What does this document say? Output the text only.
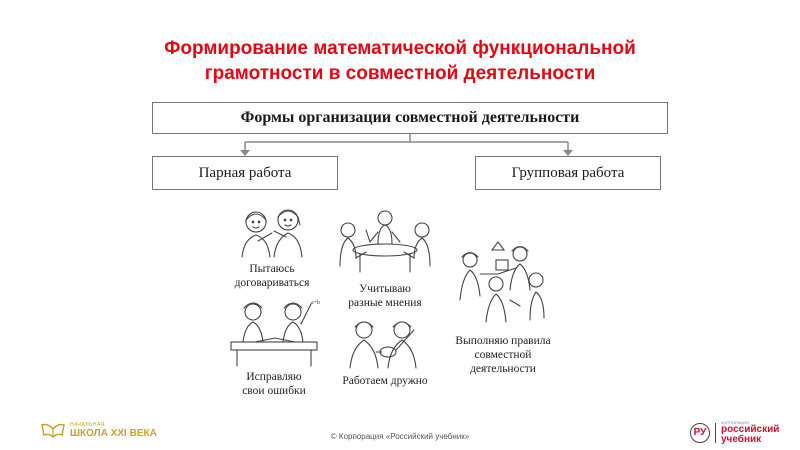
Формирование математической функциональной
грамотности в совместной деятельности
Формы организации совместной деятельности
Парная работа	Групповая работа
Пытаюсь
договариваться	Учитываю
разные мнения
a+b
Исправляю
свои ошибки
Работаем дружно
Выполняю правила
совместной
деятельности
НАЧАЛЬНАЯ
ШКОЛА XXI ВЕКА	© Корпорация «Российский учебник»	РУ
КОРПОРАЦИЯ
российский
учебник
